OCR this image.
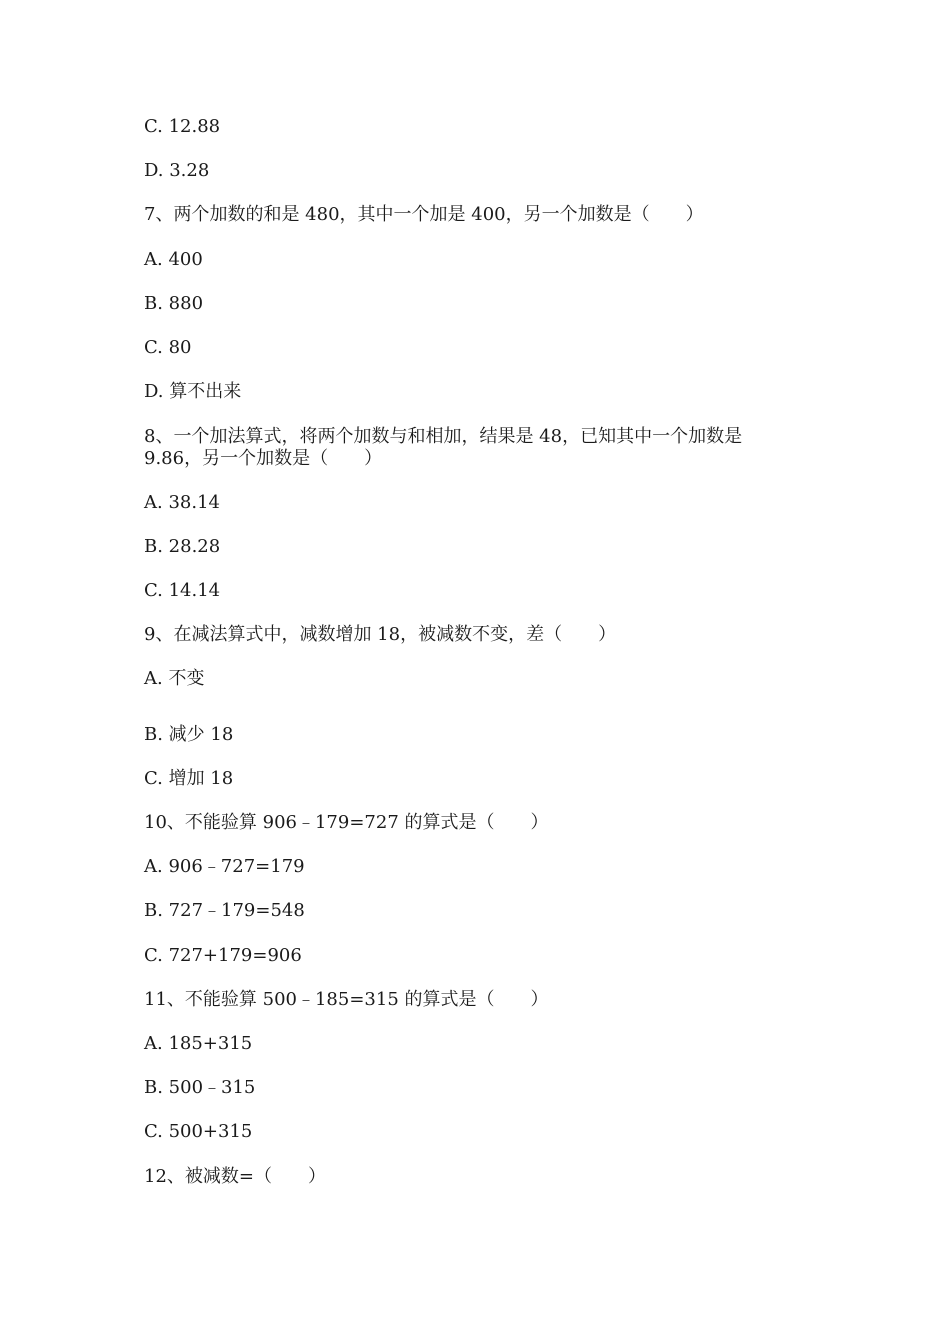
C. 12.88
D. 3.28
7、两个加数的和是 480，其中一个加是 400，另一个加数是（　　）
A. 400
B. 880
C. 80
D. 算不出来
8、一个加法算式，将两个加数与和相加，结果是 48，已知其中一个加数是
9.86，另一个加数是（　　）
A. 38.14
B. 28.28
C. 14.14
9、在减法算式中，减数增加 18，被减数不变，差（　　）
A. 不变
B. 减少 18
C. 增加 18
10、不能验算 906﹣179=727 的算式是（　　）
A. 906﹣727=179
B. 727﹣179=548
C. 727+179=906
11、不能验算 500﹣185=315 的算式是（　　）
A. 185+315
B. 500﹣315
C. 500+315
12、被减数=（　　）
